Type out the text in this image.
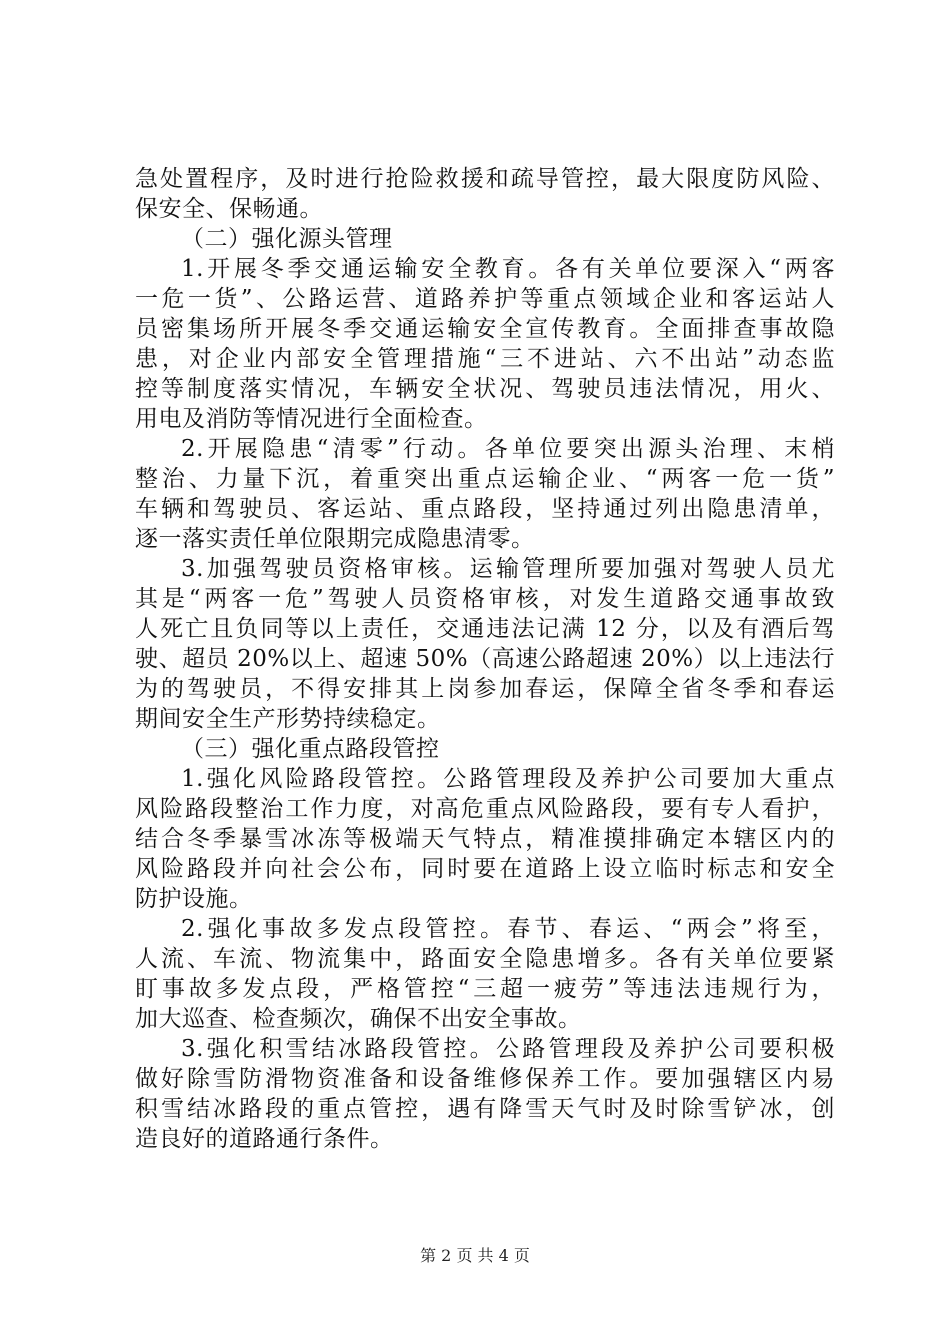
急处置程序，及时进行抢险救援和疏导管控，最大限度防风险、
保安全、保畅通。
（二）强化源头管理
1.开展冬季交通运输安全教育。各有关单位要深入“两客
一危一货”、公路运营、道路养护等重点领域企业和客运站人
员密集场所开展冬季交通运输安全宣传教育。全面排查事故隐
患，对企业内部安全管理措施“三不进站、六不出站”动态监
控等制度落实情况，车辆安全状况、驾驶员违法情况，用火、
用电及消防等情况进行全面检查。
2.开展隐患“清零”行动。各单位要突出源头治理、末梢
整治、力量下沉，着重突出重点运输企业、“两客一危一货”
车辆和驾驶员、客运站、重点路段，坚持通过列出隐患清单，
逐一落实责任单位限期完成隐患清零。
3.加强驾驶员资格审核。运输管理所要加强对驾驶人员尤
其是“两客一危”驾驶人员资格审核，对发生道路交通事故致
人死亡且负同等以上责任，交通违法记满 12 分，以及有酒后驾
驶、超员 20%以上、超速 50%（高速公路超速 20%）以上违法行
为的驾驶员，不得安排其上岗参加春运，保障全省冬季和春运
期间安全生产形势持续稳定。
（三）强化重点路段管控
1.强化风险路段管控。公路管理段及养护公司要加大重点
风险路段整治工作力度，对高危重点风险路段，要有专人看护，
结合冬季暴雪冰冻等极端天气特点，精准摸排确定本辖区内的
风险路段并向社会公布，同时要在道路上设立临时标志和安全
防护设施。
2.强化事故多发点段管控。春节、春运、“两会”将至，
人流、车流、物流集中，路面安全隐患增多。各有关单位要紧
盯事故多发点段，严格管控“三超一疲劳”等违法违规行为，
加大巡查、检查频次，确保不出安全事故。
3.强化积雪结冰路段管控。公路管理段及养护公司要积极
做好除雪防滑物资准备和设备维修保养工作。要加强辖区内易
积雪结冰路段的重点管控，遇有降雪天气时及时除雪铲冰，创
造良好的道路通行条件。
第 2 页 共 4 页
